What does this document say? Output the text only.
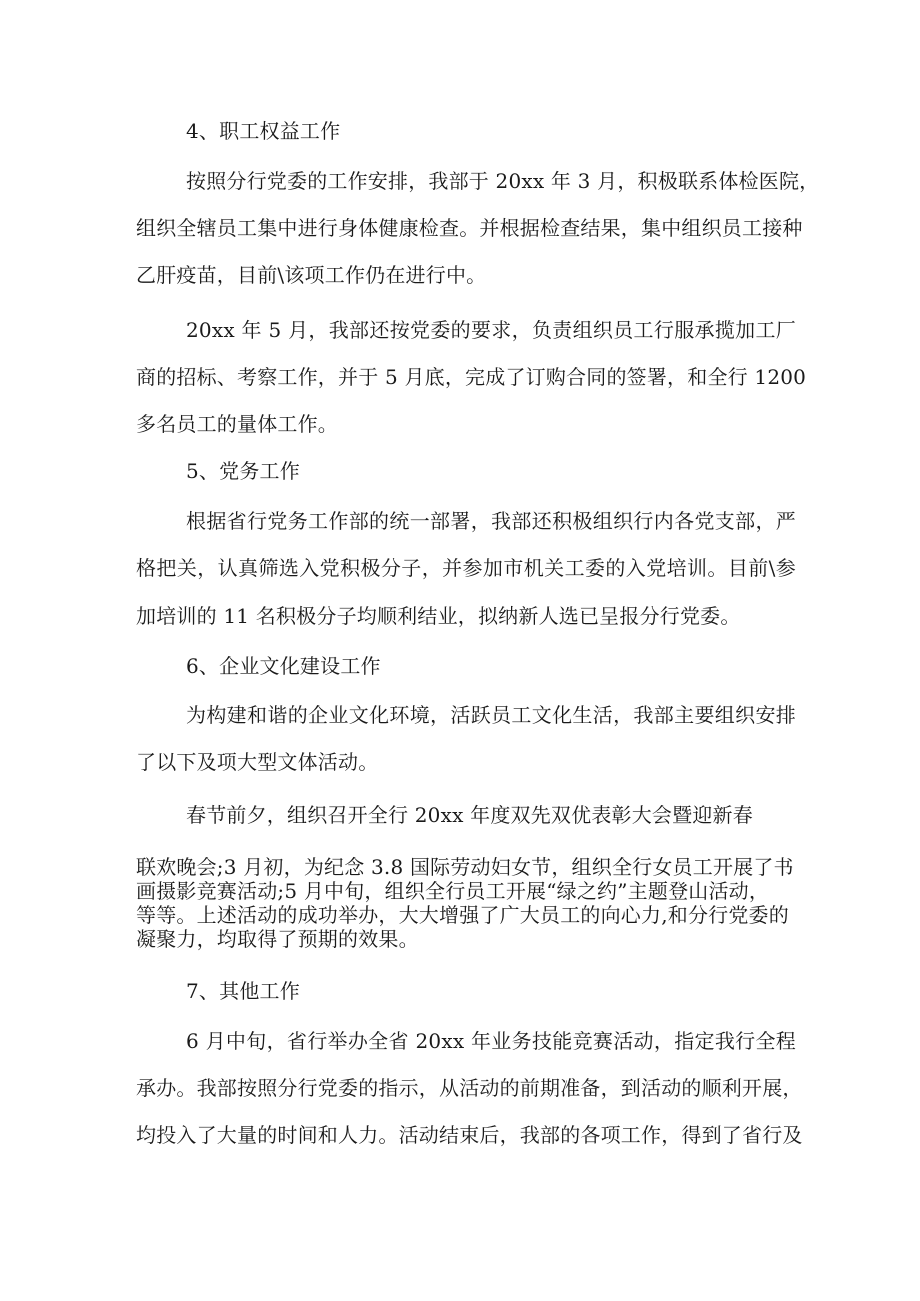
4、职工权益工作
按照分行党委的工作安排，我部于 20xx 年 3 月，积极联系体检医院，
组织全辖员工集中进行身体健康检查。并根据检查结果，集中组织员工接种
乙肝疫苗，目前\该项工作仍在进行中。
20xx 年 5 月，我部还按党委的要求，负责组织员工行服承揽加工厂
商的招标、考察工作，并于 5 月底，完成了订购合同的签署，和全行 1200
多名员工的量体工作。
5、党务工作
根据省行党务工作部的统一部署，我部还积极组织行内各党支部，严
格把关，认真筛选入党积极分子，并参加市机关工委的入党培训。目前\参
加培训的 11 名积极分子均顺利结业，拟纳新人选已呈报分行党委。
6、企业文化建设工作
为构建和谐的企业文化环境，活跃员工文化生活，我部主要组织安排
了以下及项大型文体活动。
春节前夕，组织召开全行 20xx 年度双先双优表彰大会暨迎新春
联欢晚会;3 月初，为纪念 3.8 国际劳动妇女节，组织全行女员工开展了书
画摄影竞赛活动;5 月中旬，组织全行员工开展“绿之约”主题登山活动，
等等。上述活动的成功举办，大大增强了广大员工的向心力,和分行党委的
凝聚力，均取得了预期的效果。
7、其他工作
6 月中旬，省行举办全省 20xx 年业务技能竞赛活动，指定我行全程
承办。我部按照分行党委的指示，从活动的前期准备，到活动的顺利开展，
均投入了大量的时间和人力。活动结束后，我部的各项工作，得到了省行及
